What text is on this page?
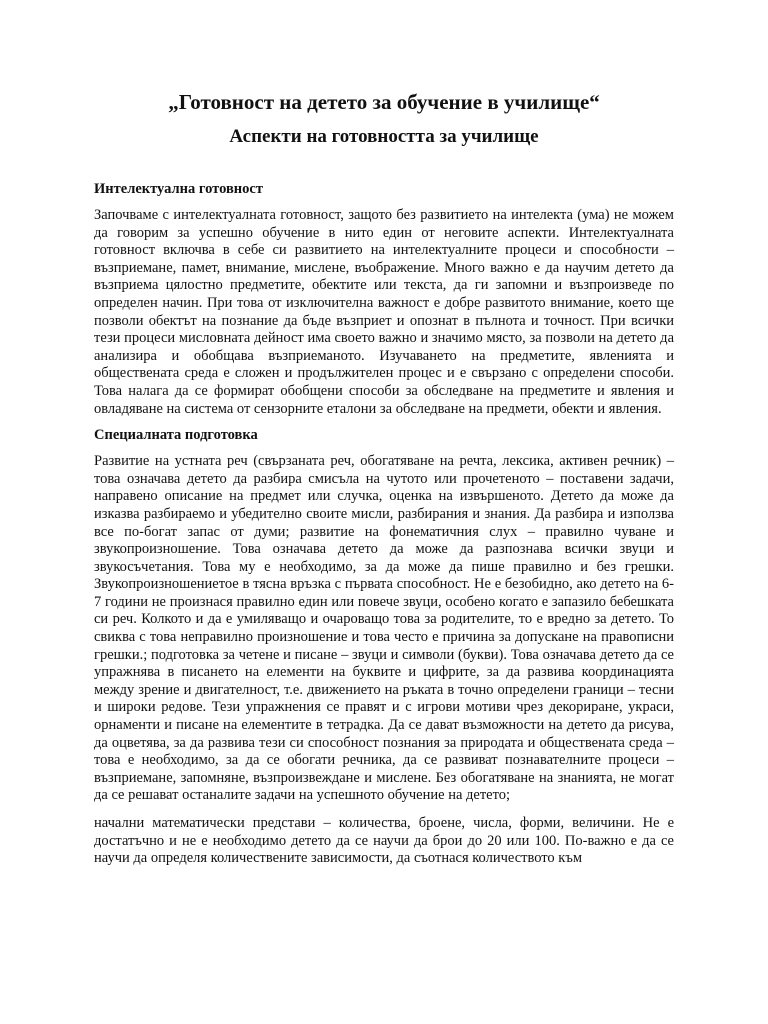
„Готовност на детето за обучение в училище“
Аспекти на готовността за училище
Интелектуална готовност

Започваме с интелектуалната готовност, защото без развитието на интелекта (ума) не можем да говорим за успешно обучение в нито един от неговите аспекти. Интелектуалната готовност включва в себе си развитието на интелектуалните процеси и способности – възприемане, памет, внимание, мислене, въображение. Много важно е да научим детето да възприема цялостно предметите, обектите или текста, да ги запомни и възпроизведе по определен начин. При това от изключителна важност е добре развитото внимание, което ще позволи обектът на познание да бъде възприет и опознат в пълнота и точност. При всички тези процеси мисловната дейност има своето важно и значимо място, за позволи на детето да анализира и обобщава възприеманото. Изучаването на предметите, явленията и обществената среда е сложен и продължителен процес и е свързано с определени способи. Това налага да се формират обобщени способи за обследване на предметите и явления и овладяване на система от сензорните еталони за обследване на предмети, обекти и явления.

Специалната подготовка

Развитие на устната реч (свързаната реч, обогатяване на речта, лексика, активен речник) – това означава детето да разбира смисъла на чутото или прочетеното – поставени задачи, направено описание на предмет или случка, оценка на извършеното. Детето да може да изказва разбираемо и убедително своите мисли, разбирания и знания. Да разбира и използва все по-богат запас от думи; развитие на фонематичния слух – правилно чуване и звукопроизношение. Това означава детето да може да разпознава всички звуци и звукосъчетания. Това му е необходимо, за да може да пише правилно и без грешки. Звукопроизношениетое в тясна връзка с първата способност. Не е безобидно, ако детето на 6-7 години не произнася правилно един или повече звуци, особено когато е запазило бебешката си реч. Колкото и да е умиляващо и очароващо това за родителите, то е вредно за детето. То свиква с това неправилно произношение и това често е причина за допускане на правописни грешки.; подготовка за четене и писане – звуци и символи (букви). Това означава детето да се упражнява в писането на елементи на буквите и цифрите, за да развива координацията между зрение и двигателност, т.е. движението на ръката в точно определени граници – тесни и широки редове. Тези упражнения се правят и с игрови мотиви чрез декориране, украси, орнаменти и писане на елементите в тетрадка. Да се дават възможности на детето да рисува, да оцветява, за да развива тези си способност познания за природата и обществената среда – това е необходимо, за да се обогати речника, да се развиват познавателните процеси – възприемане, запомняне, възпроизвеждане и мислене. Без обогатяване на знанията, не могат да се решават останалите задачи на успешното обучение на детето;

начални математически представи – количества, броене, числа, форми, величини. Не е достатъчно и не е необходимо детето да се научи да брои до 20 или 100. По-важно е да се научи да определя количествените зависимости, да съотнася количеството към
